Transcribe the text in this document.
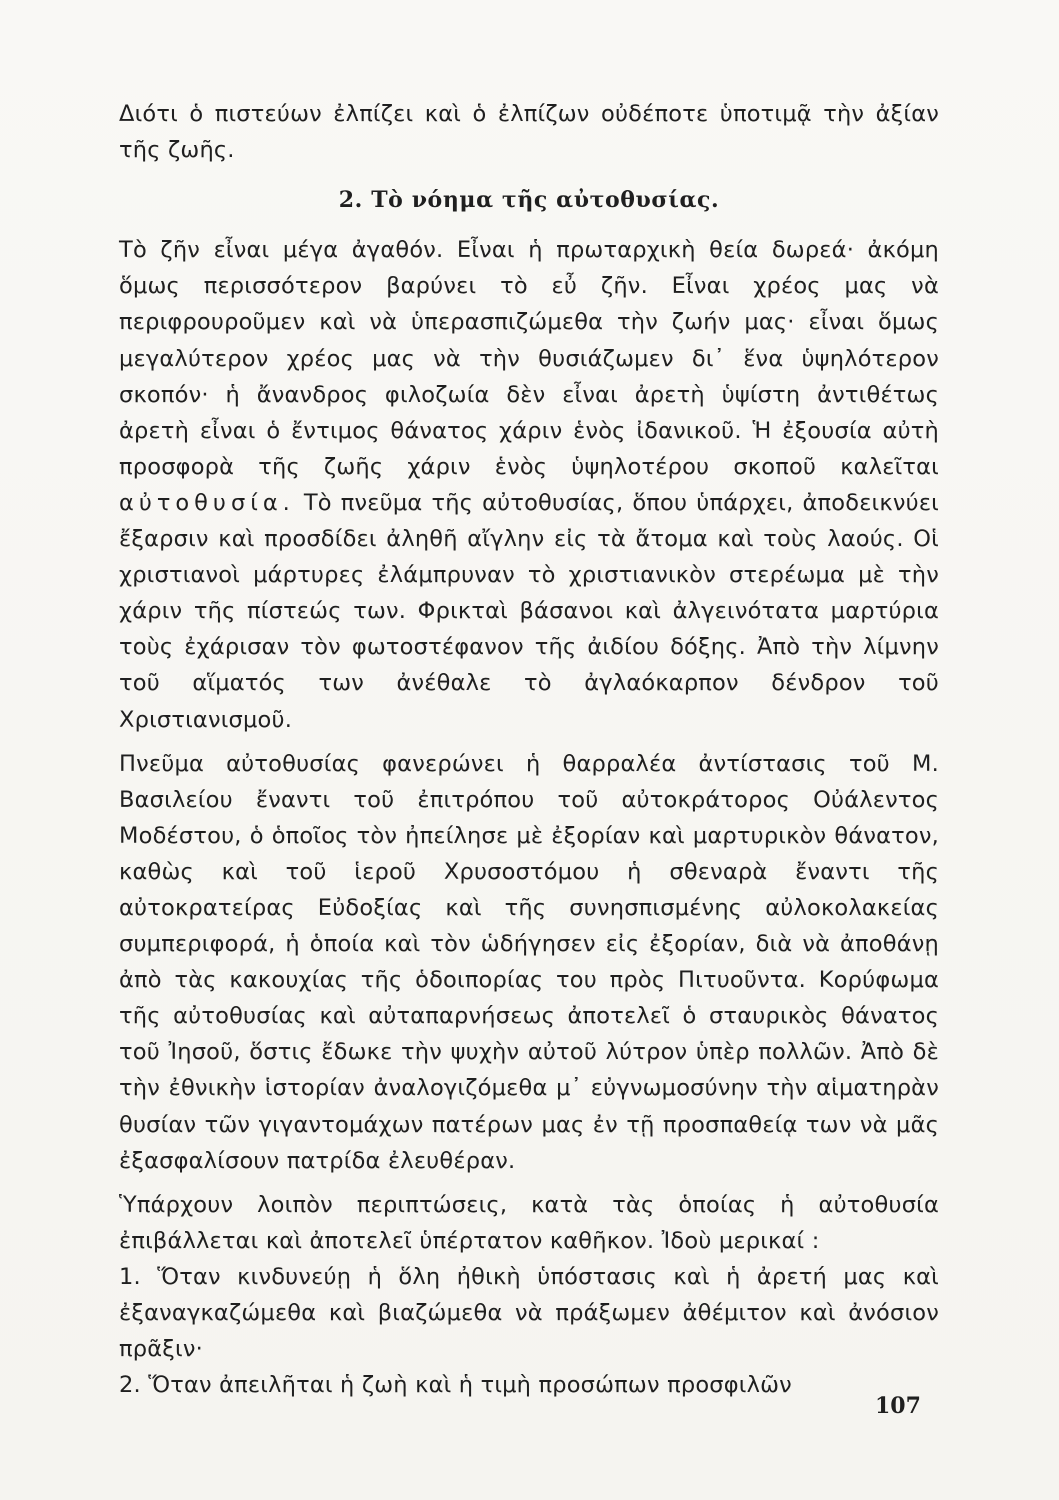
Διότι ὁ πιστεύων ἐλπίζει καὶ ὁ ἐλπίζων οὐδέποτε ὑποτιμᾷ τὴν ἀξίαν τῆς ζωῆς.

2. Τὸ νόημα τῆς αὐτοθυσίας.

Τὸ ζῆν εἶναι μέγα ἀγαθόν. Εἶναι ἡ πρωταρχικὴ θεία δωρεά· ἀκόμη ὅμως περισσότερον βαρύνει τὸ εὖ ζῆν. Εἶναι χρέος μας νὰ περιφρουροῦμεν καὶ νὰ ὑπερασπιζώμεθα τὴν ζωήν μας· εἶναι ὅμως μεγαλύτερον χρέος μας νὰ τὴν θυσιάζωμεν δι᾽ ἕνα ὑψηλότερον σκοπόν· ἡ ἄνανδρος φιλοζωία δὲν εἶναι ἀρετὴ ὑψίστη ἀντιθέτως ἀρετὴ εἶναι ὁ ἔντιμος θάνατος χάριν ἑνὸς ἰδανικοῦ. Ἡ ἐξουσία αὐτὴ προσφορὰ τῆς ζωῆς χάριν ἑνὸς ὑψηλοτέρου σκοποῦ καλεῖται αὐτοθυσία. Τὸ πνεῦμα τῆς αὐτοθυσίας, ὅπου ὑπάρχει, ἀποδεικνύει ἔξαρσιν καὶ προσδίδει ἀληθῆ αἴγλην εἰς τὰ ἄτομα καὶ τοὺς λαούς. Οἱ χριστιανοὶ μάρτυρες ἐλάμπρυναν τὸ χριστιανικὸν στερέωμα μὲ τὴν χάριν τῆς πίστεώς των. Φρικταὶ βάσανοι καὶ ἀλγεινότατα μαρτύρια τοὺς ἐχάρισαν τὸν φωτοστέφανον τῆς ἀιδίου δόξης. Ἀπὸ τὴν λίμνην τοῦ αἵματός των ἀνέθαλε τὸ ἀγλαόκαρπον δένδρον τοῦ Χριστιανισμοῦ.

Πνεῦμα αὐτοθυσίας φανερώνει ἡ θαρραλέα ἀντίστασις τοῦ Μ. Βασιλείου ἔναντι τοῦ ἐπιτρόπου τοῦ αὐτοκράτορος Οὐάλεντος Μοδέστου, ὁ ὁποῖος τὸν ἠπείλησε μὲ ἐξορίαν καὶ μαρτυρικὸν θάνατον, καθὼς καὶ τοῦ ἱεροῦ Χρυσοστόμου ἡ σθεναρὰ ἔναντι τῆς αὐτοκρατείρας Εὐδοξίας καὶ τῆς συνησπισμένης αὐλοκολακείας συμπεριφορά, ἡ ὁποία καὶ τὸν ὡδήγησεν εἰς ἐξορίαν, διὰ νὰ ἀποθάνῃ ἀπὸ τὰς κακουχίας τῆς ὁδοιπορίας του πρὸς Πιτυοῦντα. Κορύφωμα τῆς αὐτοθυσίας καὶ αὐταπαρνήσεως ἀποτελεῖ ὁ σταυρικὸς θάνατος τοῦ Ἰησοῦ, ὅστις ἔδωκε τὴν ψυχὴν αὐτοῦ λύτρον ὑπὲρ πολλῶν. Ἀπὸ δὲ τὴν ἐθνικὴν ἱστορίαν ἀναλογιζόμεθα μ᾽ εὐγνωμοσύνην τὴν αἱματηρὰν θυσίαν τῶν γιγαντομάχων πατέρων μας ἐν τῇ προσπαθείᾳ των νὰ μᾶς ἐξασφαλίσουν πατρίδα ἐλευθέραν.

Ὑπάρχουν λοιπὸν περιπτώσεις, κατὰ τὰς ὁποίας ἡ αὐτοθυσία ἐπιβάλλεται καὶ ἀποτελεῖ ὑπέρτατον καθῆκον. Ἰδοὺ μερικαί :

1. Ὅταν κινδυνεύῃ ἡ ὅλη ἠθικὴ ὑπόστασις καὶ ἡ ἀρετή μας καὶ ἐξαναγκαζώμεθα καὶ βιαζώμεθα νὰ πράξωμεν ἀθέμιτον καὶ ἀνόσιον πρᾶξιν·

2. Ὅταν ἀπειλῆται ἡ ζωὴ καὶ ἡ τιμὴ προσώπων προσφιλῶν

107
